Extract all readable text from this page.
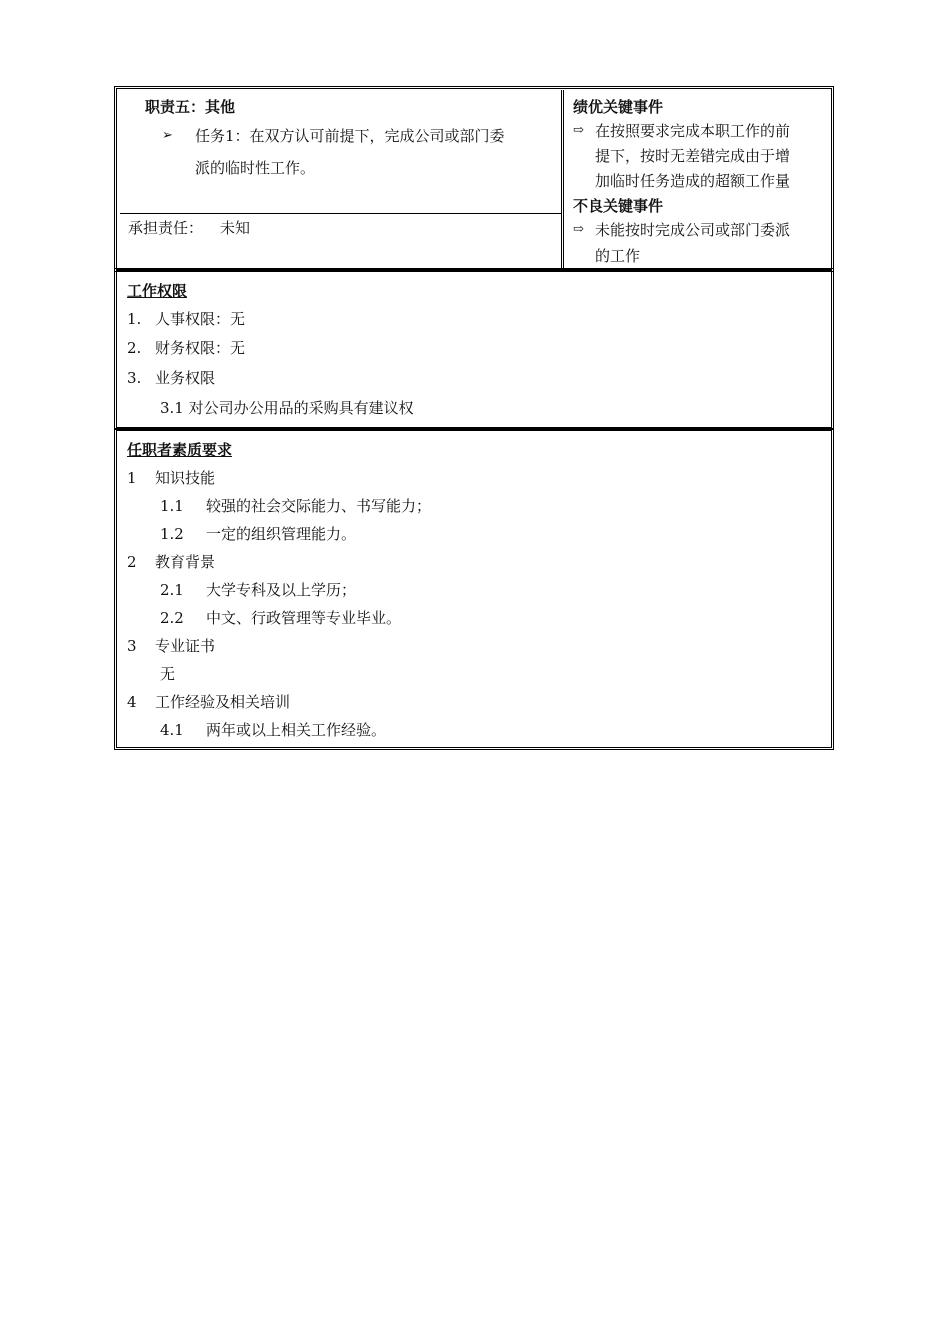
职责五：其他
➢ 任务1：在双方认可前提下，完成公司或部门委
派的临时性工作。
承担责任： 未知
绩优关键事件
⇨ 在按照要求完成本职工作的前
提下，按时无差错完成由于增
加临时任务造成的超额工作量
不良关键事件
⇨ 未能按时完成公司或部门委派
的工作
工作权限
1. 人事权限：无
2. 财务权限：无
3. 业务权限
3.1 对公司办公用品的采购具有建议权
任职者素质要求
1 知识技能
1.1 较强的社会交际能力、书写能力；
1.2 一定的组织管理能力。
2 教育背景
2.1 大学专科及以上学历；
2.2 中文、行政管理等专业毕业。
3 专业证书
无
4 工作经验及相关培训
4.1 两年或以上相关工作经验。
